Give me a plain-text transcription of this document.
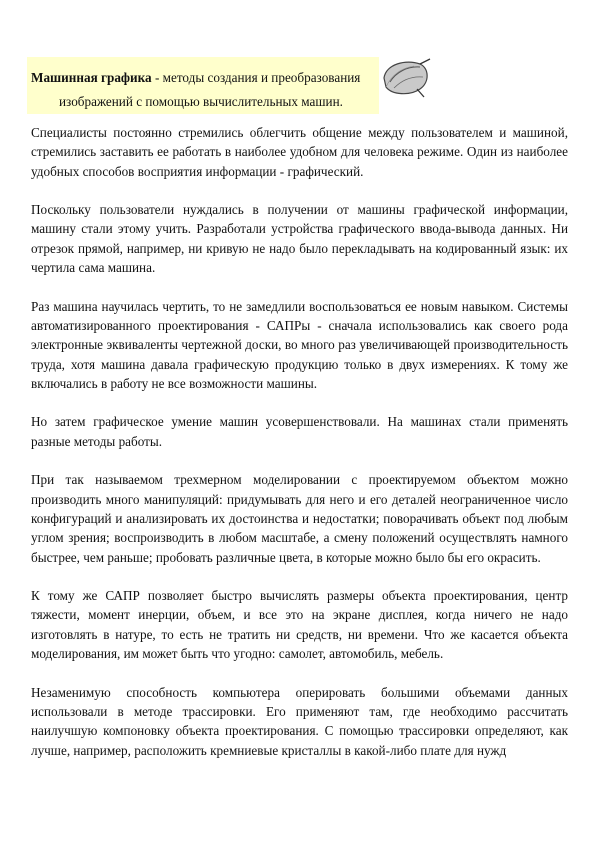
Машинная графика - методы создания и преобразования
изображений с помощью вычислительных машин.

Специалисты постоянно стремились облегчить общение между пользователем и машиной, стремились заставить ее работать в наиболее удобном для человека режиме. Один из наиболее удобных способов восприятия информации - графический.

Поскольку пользователи нуждались в получении от машины графической информации, машину стали этому учить. Разработали устройства графического ввода-вывода данных. Ни отрезок прямой, например, ни кривую не надо было перекладывать на кодированный язык: их чертила сама машина.

Раз машина научилась чертить, то не замедлили воспользоваться ее новым навыком. Системы автоматизированного проектирования - САПРы - сначала использовались как своего рода электронные эквиваленты чертежной доски, во много раз увеличивающей производительность труда, хотя машина давала графическую продукцию только в двух измерениях. К тому же включались в работу не все возможности машины.

Но затем графическое умение машин усовершенствовали. На машинах стали применять разные методы работы.

При так называемом трехмерном моделировании с проектируемом объектом можно производить много манипуляций: придумывать для него и его деталей неограниченное число конфигураций и анализировать их достоинства и недостатки; поворачивать объект под любым углом зрения; воспроизводить в любом масштабе, а смену положений осуществлять намного быстрее, чем раньше; пробовать различные цвета, в которые можно было бы его окрасить.

К тому же САПР позволяет быстро вычислять размеры объекта проектирования, центр тяжести, момент инерции, объем, и все это на экране дисплея, когда ничего не надо изготовлять в натуре, то есть не тратить ни средств, ни времени. Что же касается объекта моделирования, им может быть что угодно: самолет, автомобиль, мебель.

Незаменимую способность компьютера оперировать большими объемами данных использовали в методе трассировки. Его применяют там, где необходимо рассчитать наилучшую компоновку объекта проектирования. С помощью трассировки определяют, как лучше, например, расположить кремниевые кристаллы в какой-либо плате для нужд
